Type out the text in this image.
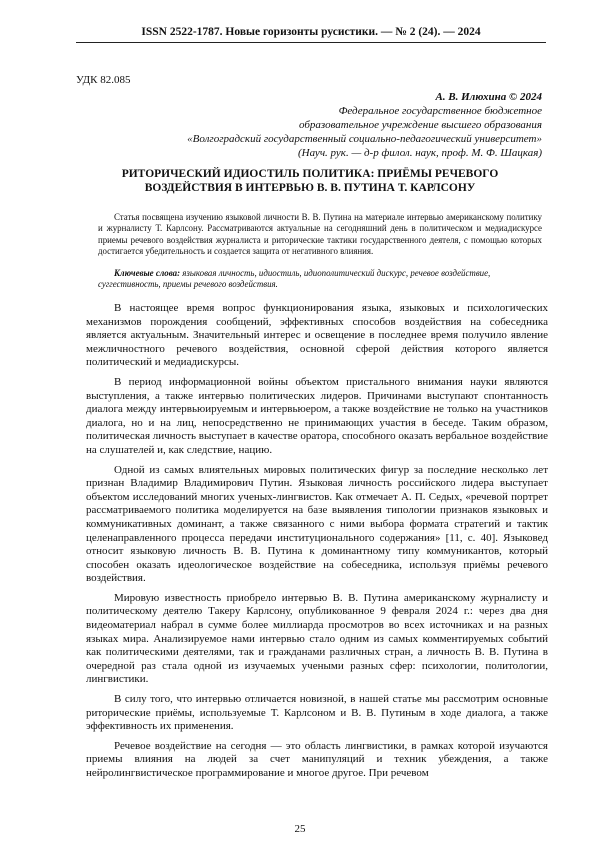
ISSN 2522-1787. Новые горизонты русистики. — № 2 (24). — 2024
УДК 82.085
А. В. Илюхина © 2024
Федеральное государственное бюджетное
образовательное учреждение высшего образования
«Волгоградский государственный социально-педагогический университет»
(Науч. рук. — д-р филол. наук, проф. М. Ф. Шацкая)
РИТОРИЧЕСКИЙ ИДИОСТИЛЬ ПОЛИТИКА: ПРИЁМЫ РЕЧЕВОГО ВОЗДЕЙСТВИЯ В ИНТЕРВЬЮ В. В. ПУТИНА Т. КАРЛСОНУ
Статья посвящена изучению языковой личности В. В. Путина на материале интервью американскому политику и журналисту Т. Карлсону. Рассматриваются актуальные на сегодняшний день в политическом и медиадискурсе приемы речевого воздействия журналиста и риторические тактики государственного деятеля, с помощью которых достигается убедительность и создается защита от негативного влияния.
Ключевые слова: языковая личность, идиостиль, идиополитический дискурс, речевое воздействие, суггестивность, приемы речевого воздействия.

В настоящее время вопрос функционирования языка, языковых и психологических механизмов порождения сообщений, эффективных способов воздействия на собеседника является актуальным. Значительный интерес и освещение в последнее время получило явление межличностного речевого воздействия, основной сферой действия которого является политический и медиадискурсы.

В период информационной войны объектом пристального внимания науки являются выступления, а также интервью политических лидеров. Причинами выступают спонтанность диалога между интервьюируемым и интервьюером, а также воздействие не только на участников диалога, но и на лиц, непосредственно не принимающих участия в беседе. Таким образом, политическая личность выступает в качестве оратора, способного оказать вербальное воздействие на слушателей и, как следствие, нацию.

Одной из самых влиятельных мировых политических фигур за последние несколько лет признан Владимир Владимирович Путин. Языковая личность российского лидера выступает объектом исследований многих ученых-лингвистов. Как отмечает А. П. Седых, «речевой портрет рассматриваемого политика моделируется на базе выявления типологии признаков языковых и коммуникативных доминант, а также связанного с ними выбора формата стратегий и тактик целенаправленного процесса передачи институционального содержания» [11, с. 40]. Языковед относит языковую личность В. В. Путина к доминантному типу коммуникантов, который способен оказать идеологическое воздействие на собеседника, используя приёмы речевого воздействия.

Мировую известность приобрело интервью В. В. Путина американскому журналисту и политическому деятелю Такеру Карлсону, опубликованное 9 февраля 2024 г.: через два дня видеоматериал набрал в сумме более миллиарда просмотров во всех источниках и на разных языках мира. Анализируемое нами интервью стало одним из самых комментируемых событий как политическими деятелями, так и гражданами различных стран, а личность В. В. Путина в очередной раз стала одной из изучаемых учеными разных сфер: психологии, политологии, лингвистики.

В силу того, что интервью отличается новизной, в нашей статье мы рассмотрим основные риторические приёмы, используемые Т. Карлсоном и В. В. Путиным в ходе диалога, а также эффективность их применения.

Речевое воздействие на сегодня — это область лингвистики, в рамках которой изучаются приемы влияния на людей за счет манипуляций и техник убеждения, а также нейролингвистическое программирование и многое другое. При речевом

25
